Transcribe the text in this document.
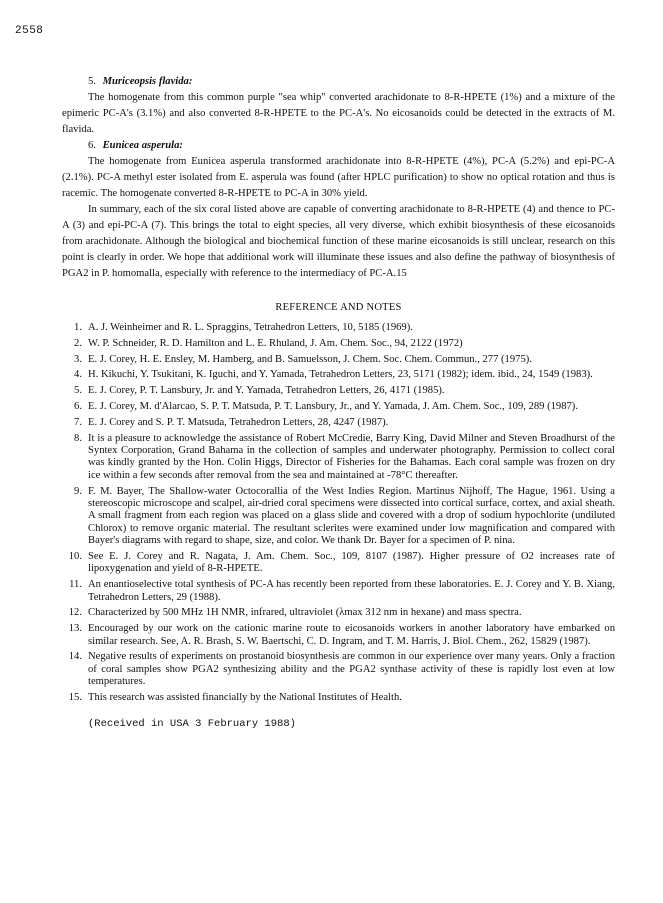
2558
5. Muriceopsis flavida:

The homogenate from this common purple "sea whip" converted arachidonate to 8-R-HPETE (1%) and a mixture of the epimeric PC-A's (3.1%) and also converted 8-R-HPETE to the PC-A's. No eicosanoids could be detected in the extracts of M. flavida.

6. Eunicea asperula:

The homogenate from Eunicea asperula transformed arachidonate into 8-R-HPETE (4%), PC-A (5.2%) and epi-PC-A (2.1%). PC-A methyl ester isolated from E. asperula was found (after HPLC purification) to show no optical rotation and thus is racemic. The homogenate converted 8-R-HPETE to PC-A in 30% yield.

In summary, each of the six coral listed above are capable of converting arachidonate to 8-R-HPETE (4) and thence to PC-A (3) and epi-PC-A (7). This brings the total to eight species, all very diverse, which exhibit biosynthesis of these eicosanoids from arachidonate. Although the biological and biochemical function of these marine eicosanoids is still unclear, research on this point is clearly in order. We hope that additional work will illuminate these issues and also define the pathway of biosynthesis of PGA2 in P. homomalla, especially with reference to the intermediacy of PC-A.15

REFERENCE AND NOTES
1. A. J. Weinheimer and R. L. Spraggins, Tetrahedron Letters, 10, 5185 (1969).
2. W. P. Schneider, R. D. Hamilton and L. E. Rhuland, J. Am. Chem. Soc., 94, 2122 (1972)
3. E. J. Corey, H. E. Ensley, M. Hamberg, and B. Samuelsson, J. Chem. Soc. Chem. Commun., 277 (1975).
4. H. Kikuchi, Y. Tsukitani, K. Iguchi, and Y. Yamada, Tetrahedron Letters, 23, 5171 (1982); idem. ibid., 24, 1549 (1983).
5. E. J. Corey, P. T. Lansbury, Jr. and Y. Yamada, Tetrahedron Letters, 26, 4171 (1985).
6. E. J. Corey, M. d'Alarcao, S. P. T. Matsuda, P. T. Lansbury, Jr., and Y. Yamada, J. Am. Chem. Soc., 109, 289 (1987).
7. E. J. Corey and S. P. T. Matsuda, Tetrahedron Letters, 28, 4247 (1987).
8. It is a pleasure to acknowledge the assistance of Robert McCredie, Barry King, David Milner and Steven Broadhurst of the Syntex Corporation, Grand Bahama in the collection of samples and underwater photography. Permission to collect coral was kindly granted by the Hon. Colin Higgs, Director of Fisheries for the Bahamas. Each coral sample was frozen on dry ice within a few seconds after removal from the sea and maintained at -78°C thereafter.
9. F. M. Bayer, The Shallow-water Octocorallia of the West Indies Region. Martinus Nijhoff, The Hague, 1961. Using a stereoscopic microscope and scalpel, air-dried coral specimens were dissected into cortical surface, cortex, and axial sheath. A small fragment from each region was placed on a glass slide and covered with a drop of sodium hypochlorite (undiluted Chlorox) to remove organic material. The resultant sclerites were examined under low magnification and compared with Bayer's diagrams with regard to shape, size, and color. We thank Dr. Bayer for a specimen of P. nina.
10. See E. J. Corey and R. Nagata, J. Am. Chem. Soc., 109, 8107 (1987). Higher pressure of O2 increases rate of lipoxygenation and yield of 8-R-HPETE.
11. An enantioselective total synthesis of PC-A has recently been reported from these laboratories. E. J. Corey and Y. B. Xiang, Tetrahedron Letters, 29 (1988).
12. Characterized by 500 MHz 1H NMR, infrared, ultraviolet (λmax 312 nm in hexane) and mass spectra.
13. Encouraged by our work on the cationic marine route to eicosanoids workers in another laboratory have embarked on similar research. See, A. R. Brash, S. W. Baertschi, C. D. Ingram, and T. M. Harris, J. Biol. Chem., 262, 15829 (1987).
14. Negative results of experiments on prostanoid biosynthesis are common in our experience over many years. Only a fraction of coral samples show PGA2 synthesizing ability and the PGA2 synthase activity of these is rapidly lost even at low temperatures.
15. This research was assisted financially by the National Institutes of Health.
(Received in USA 3 February 1988)
